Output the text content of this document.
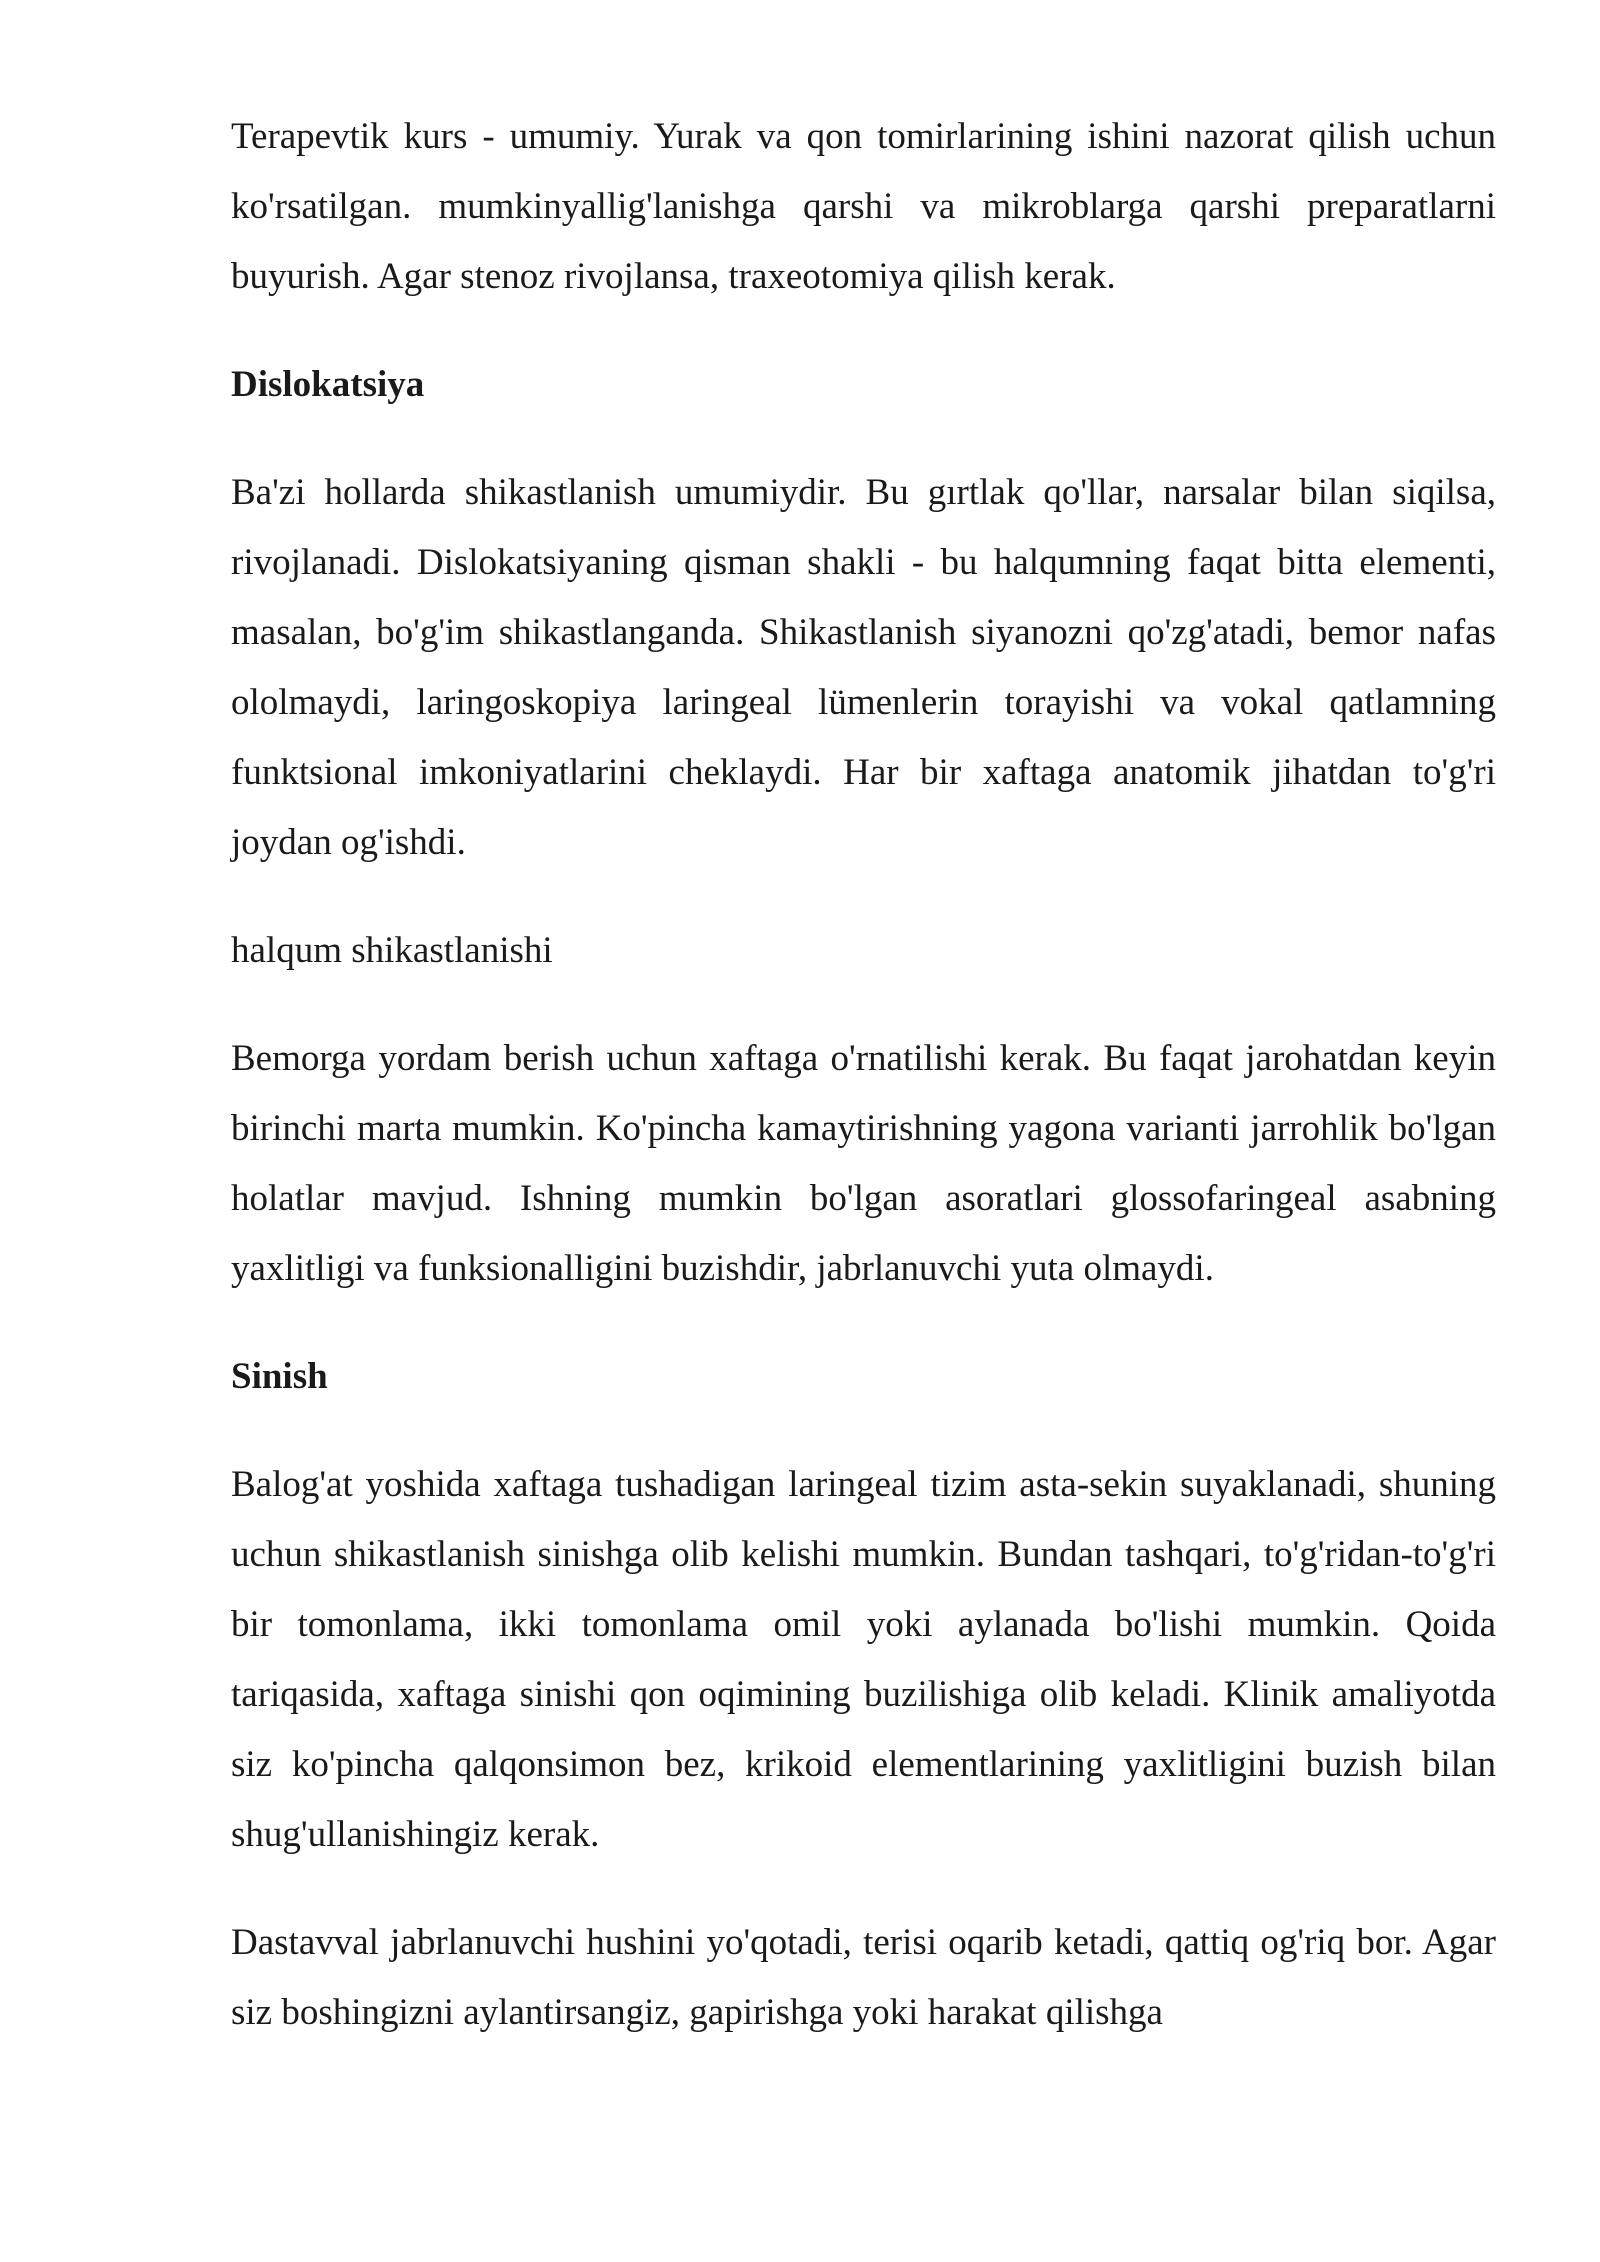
Terapevtik kurs - umumiy. Yurak va qon tomirlarining ishini nazorat qilish uchun ko'rsatilgan. mumkinyallig'lanishga qarshi va mikroblarga qarshi preparatlarni buyurish. Agar stenoz rivojlansa, traxeotomiya qilish kerak.

Dislokatsiya

Ba'zi hollarda shikastlanish umumiydir. Bu gırtlak qo'llar, narsalar bilan siqilsa, rivojlanadi. Dislokatsiyaning qisman shakli - bu halqumning faqat bitta elementi, masalan, bo'g'im shikastlanganda. Shikastlanish siyanozni qo'zg'atadi, bemor nafas ololmaydi, laringoskopiya laringeal lümenlerin torayishi va vokal qatlamning funktsional imkoniyatlarini cheklaydi. Har bir xaftaga anatomik jihatdan to'g'ri joydan og'ishdi.

halqum shikastlanishi

Bemorga yordam berish uchun xaftaga o'rnatilishi kerak. Bu faqat jarohatdan keyin birinchi marta mumkin. Ko'pincha kamaytirishning yagona varianti jarrohlik bo'lgan holatlar mavjud. Ishning mumkin bo'lgan asoratlari glossofaringeal asabning yaxlitligi va funksionalligini buzishdir, jabrlanuvchi yuta olmaydi.

Sinish

Balog'at yoshida xaftaga tushadigan laringeal tizim asta-sekin suyaklanadi, shuning uchun shikastlanish sinishga olib kelishi mumkin. Bundan tashqari, to'g'ridan-to'g'ri bir tomonlama, ikki tomonlama omil yoki aylanada bo'lishi mumkin. Qoida tariqasida, xaftaga sinishi qon oqimining buzilishiga olib keladi. Klinik amaliyotda siz ko'pincha qalqonsimon bez, krikoid elementlarining yaxlitligini buzish bilan shug'ullanishingiz kerak.

Dastavval jabrlanuvchi hushini yo'qotadi, terisi oqarib ketadi, qattiq og'riq bor. Agar siz boshingizni aylantirsangiz, gapirishga yoki harakat qilishga
